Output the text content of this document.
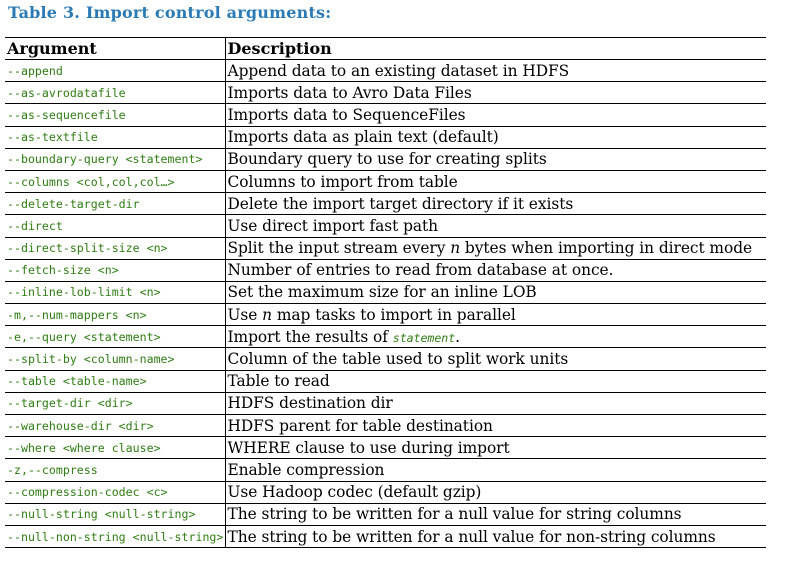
Table 3. Import control arguments:
Argument	Description
--append	Append data to an existing dataset in HDFS
--as-avrodatafile	Imports data to Avro Data Files
--as-sequencefile	Imports data to SequenceFiles
--as-textfile	Imports data as plain text (default)
--boundary-query <statement>	Boundary query to use for creating splits
--columns <col,col,col…>	Columns to import from table
--delete-target-dir	Delete the import target directory if it exists
--direct	Use direct import fast path
--direct-split-size <n>	Split the input stream every n bytes when importing in direct mode
--fetch-size <n>	Number of entries to read from database at once.
--inline-lob-limit <n>	Set the maximum size for an inline LOB
-m,--num-mappers <n>	Use n map tasks to import in parallel
-e,--query <statement>	Import the results of statement.
--split-by <column-name>	Column of the table used to split work units
--table <table-name>	Table to read
--target-dir <dir>	HDFS destination dir
--warehouse-dir <dir>	HDFS parent for table destination
--where <where clause>	WHERE clause to use during import
-z,--compress	Enable compression
--compression-codec <c>	Use Hadoop codec (default gzip)
--null-string <null-string>	The string to be written for a null value for string columns
--null-non-string <null-string>	The string to be written for a null value for non-string columns
